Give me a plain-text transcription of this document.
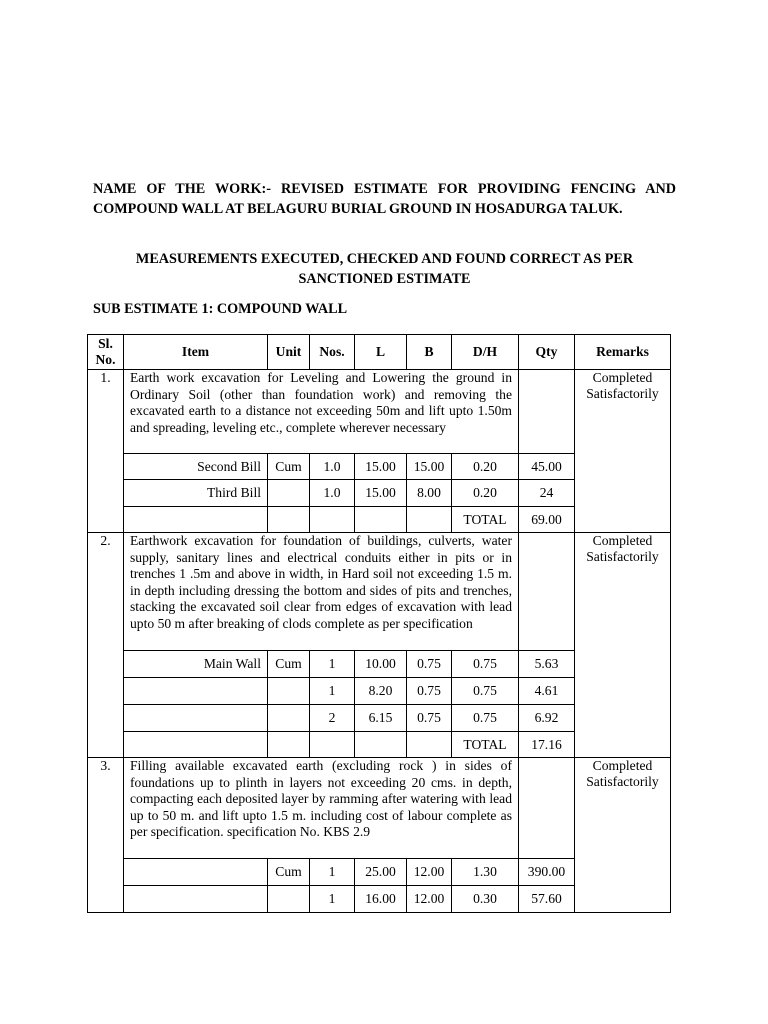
NAME OF THE WORK:- REVISED ESTIMATE FOR PROVIDING FENCING AND COMPOUND WALL AT BELAGURU BURIAL GROUND IN HOSADURGA TALUK.
MEASUREMENTS EXECUTED, CHECKED AND FOUND CORRECT AS PER
SANCTIONED ESTIMATE
SUB ESTIMATE 1: COMPOUND WALL
Sl.
No.	Item	Unit	Nos.	L	B	D/H	Qty	Remarks
1.	Earth work excavation for Leveling and Lowering the ground in Ordinary Soil (other than foundation work) and removing the excavated earth to a distance not exceeding 50m and lift upto 1.50m and spreading, leveling etc., complete wherever necessary							Completed
Satisfactorily

	Second Bill	Cum	1.0	15.00	15.00	0.20	45.00	
	Third Bill		1.0	15.00	8.00	0.20	24	
						TOTAL	69.00	
2.	Earthwork excavation for foundation of buildings, culverts, water supply, sanitary lines and electrical conduits either in pits or in trenches 1 .5m and above in width, in Hard soil not exceeding 1.5 m. in depth including dressing the bottom and sides of pits and trenches, stacking the excavated soil clear from edges of excavation with lead upto 50 m after breaking of clods complete as per specification							Completed
Satisfactorily

	Main Wall	Cum	1	10.00	0.75	0.75	5.63	
			1	8.20	0.75	0.75	4.61	
			2	6.15	0.75	0.75	6.92	
						TOTAL	17.16	
3.	Filling available excavated earth (excluding rock ) in sides of foundations up to plinth in layers not exceeding 20 cms. in depth, compacting each deposited layer by ramming after watering with lead up to 50 m. and lift upto 1.5 m. including cost of labour complete as per specification. specification No. KBS 2.9							Completed
Satisfactorily

		Cum	1	25.00	12.00	1.30	390.00	
			1	16.00	12.00	0.30	57.60	
